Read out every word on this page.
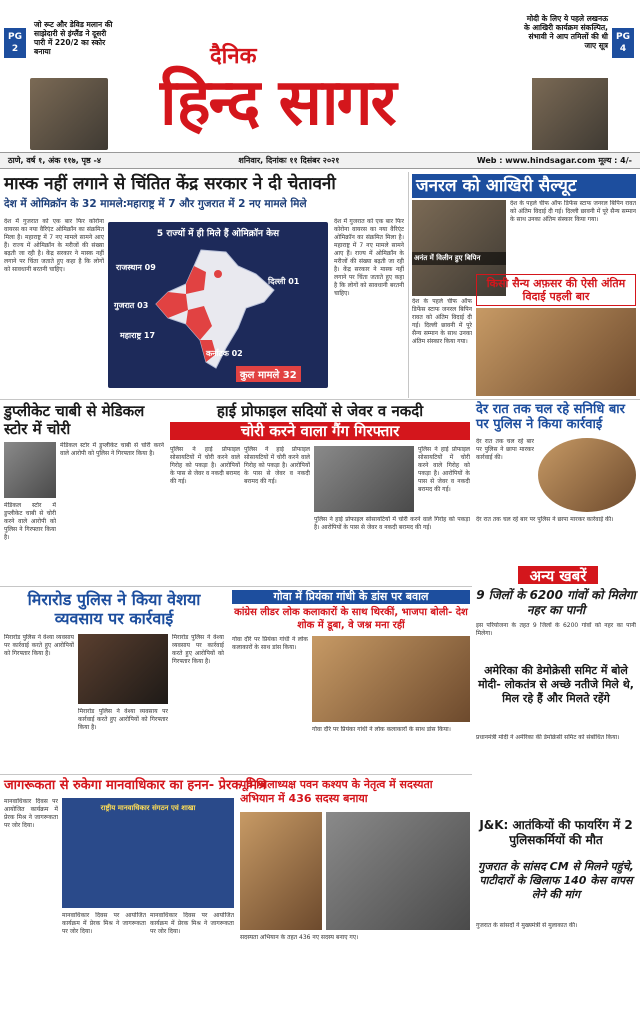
PG 2
जो रूट और डेविड मलान की साझेदारी से इंग्लैंड ने दूसरी पारी में 220/2 का स्कोर बनाया	दैनिक
हिन्द सागर
PG 4
मोदी के लिए ये पहले लखनऊ के आखिरी कार्यक्रम संकल्पित, संभावी ने आप तमिलों की धी जाए सूत्र
ठाणे, वर्ष १, अंक ११७, पृष्ठ -४	शनिवार, दिनांकः ११ दिसंबर २०२१	Web : www.hindsagar.com मूल्य : 4/-
मास्क नहीं लगाने से चिंतित केंद्र सरकार ने दी चेतावनी
देश में ओमिक्रॉन के 32 मामले:महाराष्ट्र में 7 और गुजरात में 2 नए मामले मिले
देश में गुजरात को एक बार फिर कोरोना वायरस का नया वैरिएंट ओमिक्रॉन का संक्रमित मिला है। महाराष्ट्र में 7 नए मामले सामने आए हैं। राज्य में ओमिक्रॉन के मरीजों की संख्या बढ़ती जा रही है। केंद्र सरकार ने मास्क नहीं लगाने पर चिंता जताते हुए कहा है कि लोगों को सावधानी बरतनी चाहिए।
5 राज्यों में ही मिले हैं ओमिक्रॉन केस
राजस्थान 09
दिल्ली 01
गुजरात 03
महाराष्ट्र 17
कर्नाटक 02
कुल मामले 32
देश में गुजरात को एक बार फिर कोरोना वायरस का नया वैरिएंट ओमिक्रॉन का संक्रमित मिला है। महाराष्ट्र में 7 नए मामले सामने आए हैं। राज्य में ओमिक्रॉन के मरीजों की संख्या बढ़ती जा रही है। केंद्र सरकार ने मास्क नहीं लगाने पर चिंता जताते हुए कहा है कि लोगों को सावधानी बरतनी चाहिए।
जनरल को आखिरी सैल्यूट
अनंत में विलीन हुए बिपिन
देश के पहले चीफ ऑफ डिफेंस स्टाफ जनरल बिपिन रावत को अंतिम विदाई दी गई। दिल्ली छावनी में पूरे सैन्य सम्मान के साथ उनका अंतिम संस्कार किया गया।
देश के पहले चीफ ऑफ डिफेंस स्टाफ जनरल बिपिन रावत को अंतिम विदाई दी गई। दिल्ली छावनी में पूरे सैन्य सम्मान के साथ उनका अंतिम संस्कार किया गया।
किसी सैन्य अफ़सर की ऐसी अंतिम विदाई पहली बार
डुप्लीकेट चाबी से मेडिकल स्टोर में चोरी
मेडिकल स्टोर में डुप्लीकेट चाबी से चोरी करने वाले आरोपी को पुलिस ने गिरफ्तार किया है।
मेडिकल स्टोर में डुप्लीकेट चाबी से चोरी करने वाले आरोपी को पुलिस ने गिरफ्तार किया है।
हाई प्रोफाइल सदियों से जेवर व नकदी
चोरी करने वाला गैंग गिरफ्तार
पुलिस ने हाई प्रोफाइल सोसायटियों में चोरी करने वाले गिरोह को पकड़ा है। आरोपियों के पास से जेवर व नकदी बरामद की गई।
पुलिस ने हाई प्रोफाइल सोसायटियों में चोरी करने वाले गिरोह को पकड़ा है। आरोपियों के पास से जेवर व नकदी बरामद की गई।
पुलिस ने हाई प्रोफाइल सोसायटियों में चोरी करने वाले गिरोह को पकड़ा है। आरोपियों के पास से जेवर व नकदी बरामद की गई।
पुलिस ने हाई प्रोफाइल सोसायटियों में चोरी करने वाले गिरोह को पकड़ा है। आरोपियों के पास से जेवर व नकदी बरामद की गई।
देर रात तक चल रहे सनिधि बार पर पुलिस ने किया कार्रवाई
देर रात तक चल रहे बार पर पुलिस ने छापा मारकर कार्रवाई की।
देर रात तक चल रहे बार पर पुलिस ने छापा मारकर कार्रवाई की।
अन्य खबरें
9 जिलों के 6200 गांवों को मिलेगा नहर का पानी
इस परियोजना के तहत 9 जिलों के 6200 गांवों को नहर का पानी मिलेगा।
अमेरिका की डेमोक्रेसी समिट में बोले मोदी- लोकतंत्र से अच्छे नतीजे मिले थे, मिल रहे हैं और मिलते रहेंगे
प्रधानमंत्री मोदी ने अमेरिका की डेमोक्रेसी समिट को संबोधित किया।
J&K: आतंकियों की फायरिंग में 2 पुलिसकर्मियों की मौत
गुजरात के सांसद CM से मिलने पहुंचे, पाटीदारों के खिलाफ 140 केस वापस लेने की मांग
गुजरात के सांसदों ने मुख्यमंत्री से मुलाकात की।
मिरारोड पुलिस ने किया वेशया व्यवसाय पर कार्रवाई
मिरारोड पुलिस ने वेश्या व्यवसाय पर कार्रवाई करते हुए आरोपियों को गिरफ्तार किया है।
मिरारोड पुलिस ने वेश्या व्यवसाय पर कार्रवाई करते हुए आरोपियों को गिरफ्तार किया है।
मिरारोड पुलिस ने वेश्या व्यवसाय पर कार्रवाई करते हुए आरोपियों को गिरफ्तार किया है।
गोवा में प्रियंका गांधी के डांस पर बवाल
कांग्रेस लीडर लोक कलाकारों के साथ थिरकीं, भाजपा बोली- देश शोक में डूबा, वे जश्न मना रहीं
गोवा दौरे पर प्रियंका गांधी ने लोक कलाकारों के साथ डांस किया।
गोवा दौरे पर प्रियंका गांधी ने लोक कलाकारों के साथ डांस किया।
जागरूकता से रुकेगा मानवाधिकार का हनन- प्रेरक मिश्र
मानवाधिकार दिवस पर आयोजित कार्यक्रम में प्रेरक मिश्र ने जागरूकता पर जोर दिया।
राष्ट्रीय मानवाधिकार संगठन एवं शाखा
मानवाधिकार दिवस पर आयोजित कार्यक्रम में प्रेरक मिश्र ने जागरूकता पर जोर दिया।
मानवाधिकार दिवस पर आयोजित कार्यक्रम में प्रेरक मिश्र ने जागरूकता पर जोर दिया।
पूर्व जिलाध्यक्ष पवन कश्यप के नेतृत्व में सदस्यता अभियान में 436 सदस्य बनाया
सदस्यता अभियान के तहत 436 नए सदस्य बनाए गए।
